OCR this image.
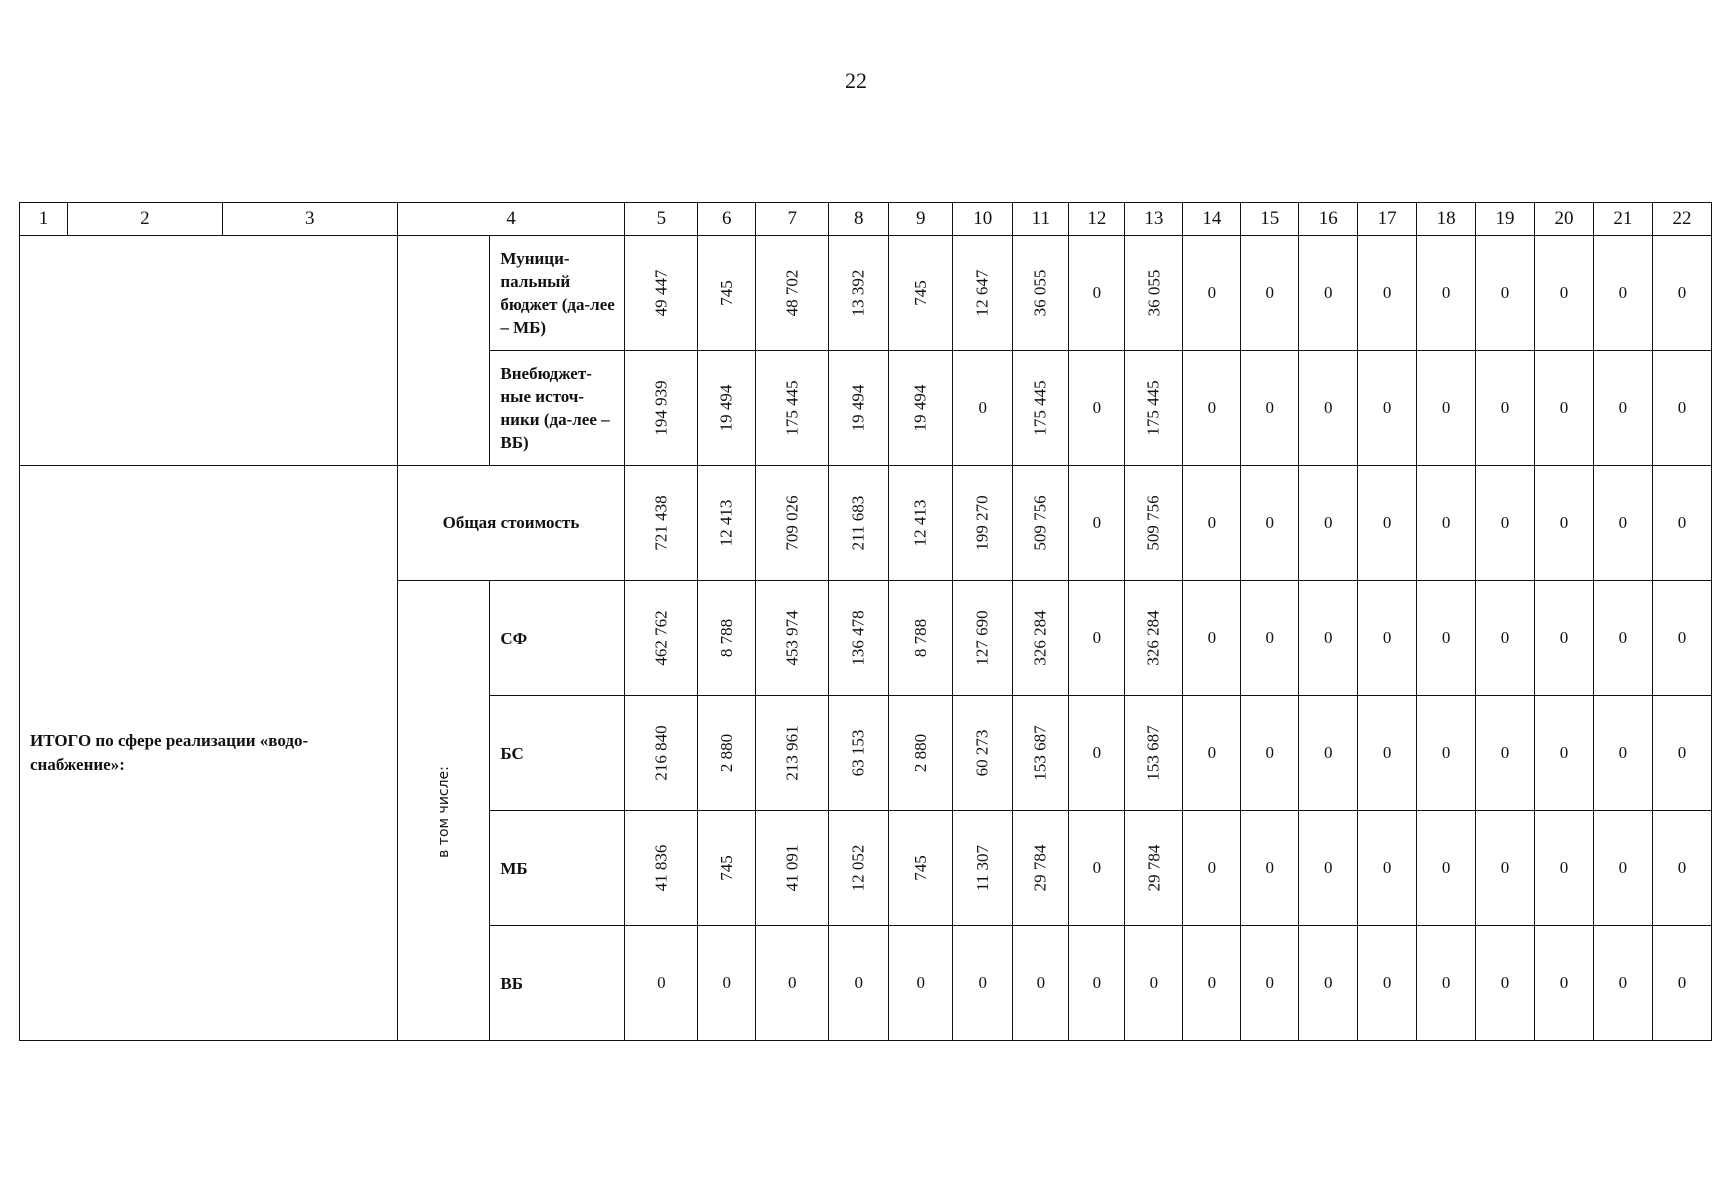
22
1	2	3	4		5	6	7	8	9	10	11	12	13	14	15	16	17	18	19	20	21	22
				Муници-пальный бюджет (да-лее – МБ)	49 447	745	48 702	13 392	745	12 647	36 055	0	36 055	0	0	0	0	0	0	0	0	0
				Внебюджет-ные источ-ники (да-лее – ВБ)	194 939	19 494	175 445	19 494	19 494	0	175 445	0	175 445	0	0	0	0	0	0	0	0	0
ИТОГО по сфере реализации «водо-снабжение»:			Общая стоимость		721 438	12 413	709 026	211 683	12 413	199 270	509 756	0	509 756	0	0	0	0	0	0	0	0	0
			в том числе:	СФ	462 762	8 788	453 974	136 478	8 788	127 690	326 284	0	326 284	0	0	0	0	0	0	0	0	0
				БС	216 840	2 880	213 961	63 153	2 880	60 273	153 687	0	153 687	0	0	0	0	0	0	0	0	0
				МБ	41 836	745	41 091	12 052	745	11 307	29 784	0	29 784	0	0	0	0	0	0	0	0	0
				ВБ	0	0	0	0	0	0	0	0	0	0	0	0	0	0	0	0	0	0
